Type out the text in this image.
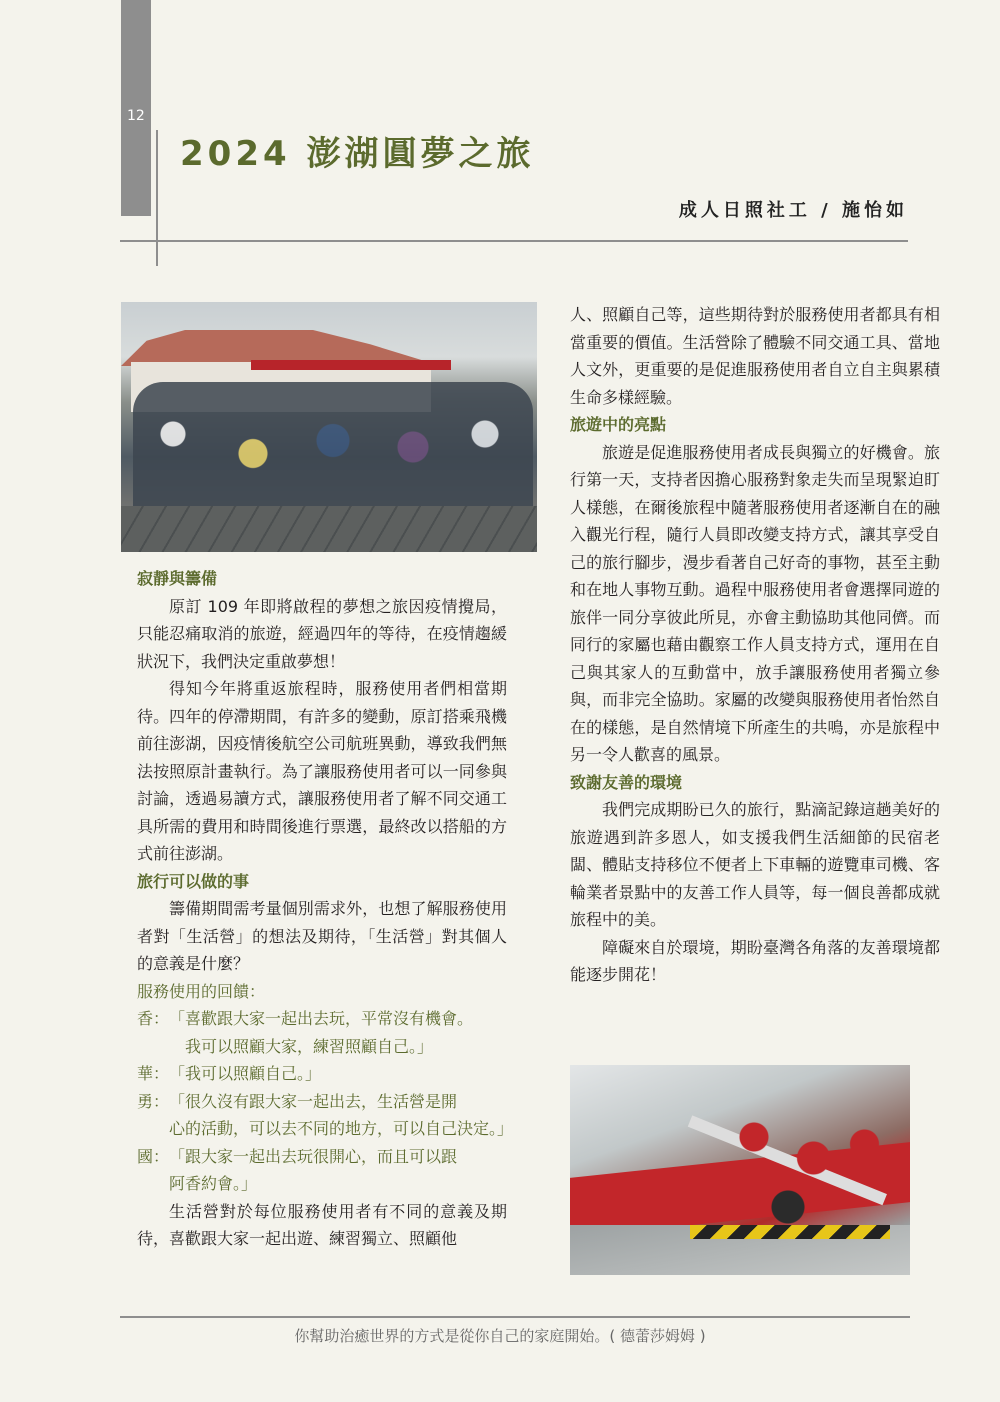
12
2024 澎湖圓夢之旅
成人日照社工 / 施怡如

寂靜與籌備

原訂 109 年即將啟程的夢想之旅因疫情攪局，只能忍痛取消的旅遊，經過四年的等待，在疫情趨緩狀況下，我們決定重啟夢想！

得知今年將重返旅程時，服務使用者們相當期待。四年的停滯期間，有許多的變動，原訂搭乘飛機前往澎湖，因疫情後航空公司航班異動，導致我們無法按照原計畫執行。為了讓服務使用者可以一同參與討論，透過易讀方式，讓服務使用者了解不同交通工具所需的費用和時間後進行票選，最終改以搭船的方式前往澎湖。

旅行可以做的事

籌備期間需考量個別需求外，也想了解服務使用者對「生活營」的想法及期待，「生活營」對其個人的意義是什麼？

服務使用的回饋：

香： 「喜歡跟大家一起出去玩，平常沒有機會。
我可以照顧大家，練習照顧自己。」
華： 「我可以照顧自己。」
勇： 「很久沒有跟大家一起出去，生活營是開
心的活動，可以去不同的地方，可以自己決定。」
國： 「跟大家一起出去玩很開心，而且可以跟
阿香約會。」

生活營對於每位服務使用者有不同的意義及期待，喜歡跟大家一起出遊、練習獨立、照顧他

人、照顧自己等，這些期待對於服務使用者都具有相當重要的價值。生活營除了體驗不同交通工具、當地人文外，更重要的是促進服務使用者自立自主與累積生命多樣經驗。

旅遊中的亮點

旅遊是促進服務使用者成長與獨立的好機會。旅行第一天，支持者因擔心服務對象走失而呈現緊迫盯人樣態，在爾後旅程中隨著服務使用者逐漸自在的融入觀光行程，隨行人員即改變支持方式，讓其享受自己的旅行腳步，漫步看著自己好奇的事物，甚至主動和在地人事物互動。過程中服務使用者會選擇同遊的旅伴一同分享彼此所見，亦會主動協助其他同儕。而同行的家屬也藉由觀察工作人員支持方式，運用在自己與其家人的互動當中，放手讓服務使用者獨立參與，而非完全協助。家屬的改變與服務使用者怡然自在的樣態，是自然情境下所產生的共鳴，亦是旅程中另一令人歡喜的風景。

致謝友善的環境

我們完成期盼已久的旅行，點滴記錄這趟美好的旅遊遇到許多恩人，如支援我們生活細節的民宿老闆、體貼支持移位不便者上下車輛的遊覽車司機、客輪業者景點中的友善工作人員等，每一個良善都成就旅程中的美。

障礙來自於環境，期盼臺灣各角落的友善環境都能逐步開花！

你幫助治癒世界的方式是從你自己的家庭開始。( 德蕾莎姆姆 )
